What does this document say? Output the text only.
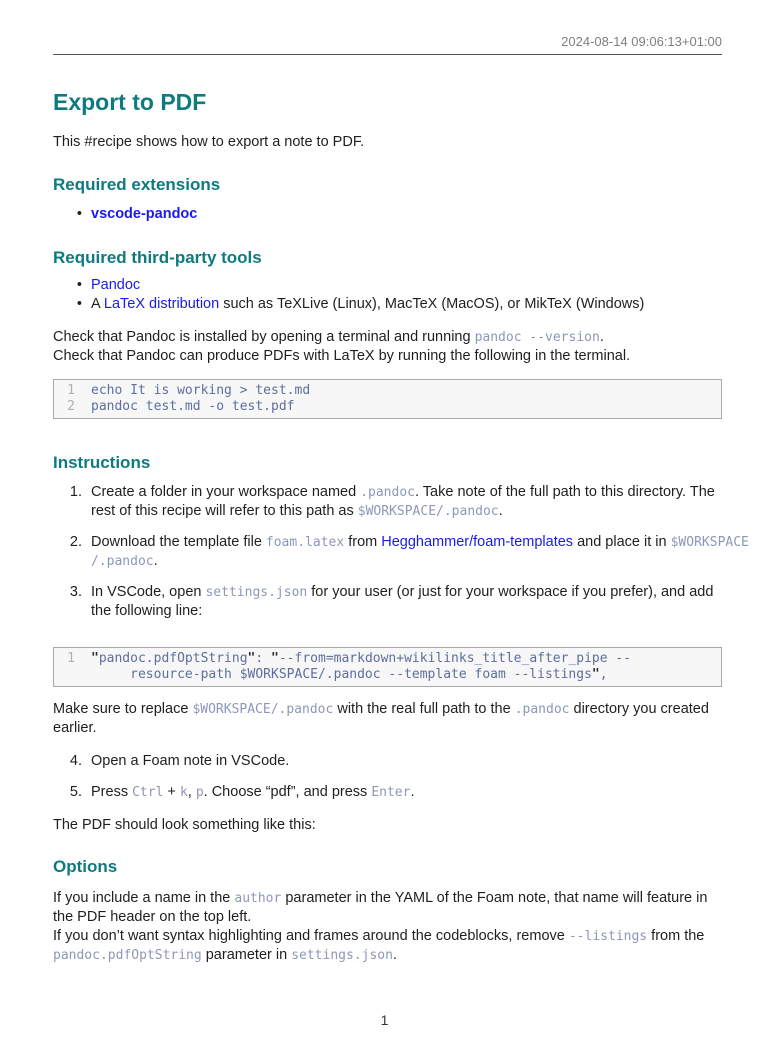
2024-08-14 09:06:13+01:00
Export to PDF

This #recipe shows how to export a note to PDF.

Required extensions
• vscode-pandoc
Required third-party tools
• Pandoc
• A LaTeX distribution such as TeXLive (Linux), MacTeX (MacOS), or MikTeX (Windows)

Check that Pandoc is installed by opening a terminal and running pandoc --version.
Check that Pandoc can produce PDFs with LaTeX by running the following in the terminal.

1 echo It is working > test.md
2 pandoc test.md -o test.pdf
Instructions
1. Create a folder in your workspace named .pandoc. Take note of the full path to this directory. The rest of this recipe will refer to this path as $WORKSPACE/.pandoc.
2. Download the template file foam.latex from Hegghammer/foam-templates and place it in $WORKSPACE/.pandoc.
3. In VSCode, open settings.json for your user (or just for your workspace if you prefer), and add the following line:
1 "pandoc.pdfOptString": "--from=markdown+wikilinks_title_after_pipe --
resource-path $WORKSPACE/.pandoc --template foam --listings",

Make sure to replace $WORKSPACE/.pandoc with the real full path to the .pandoc directory you created earlier.

4. Open a Foam note in VSCode.
5. Press Ctrl + k, p. Choose “pdf”, and press Enter.

The PDF should look something like this:

Options

If you include a name in the author parameter in the YAML of the Foam note, that name will feature in the PDF header on the top left.
If you don’t want syntax highlighting and frames around the codeblocks, remove --listings from the pandoc.pdfOptString parameter in settings.json.

1
